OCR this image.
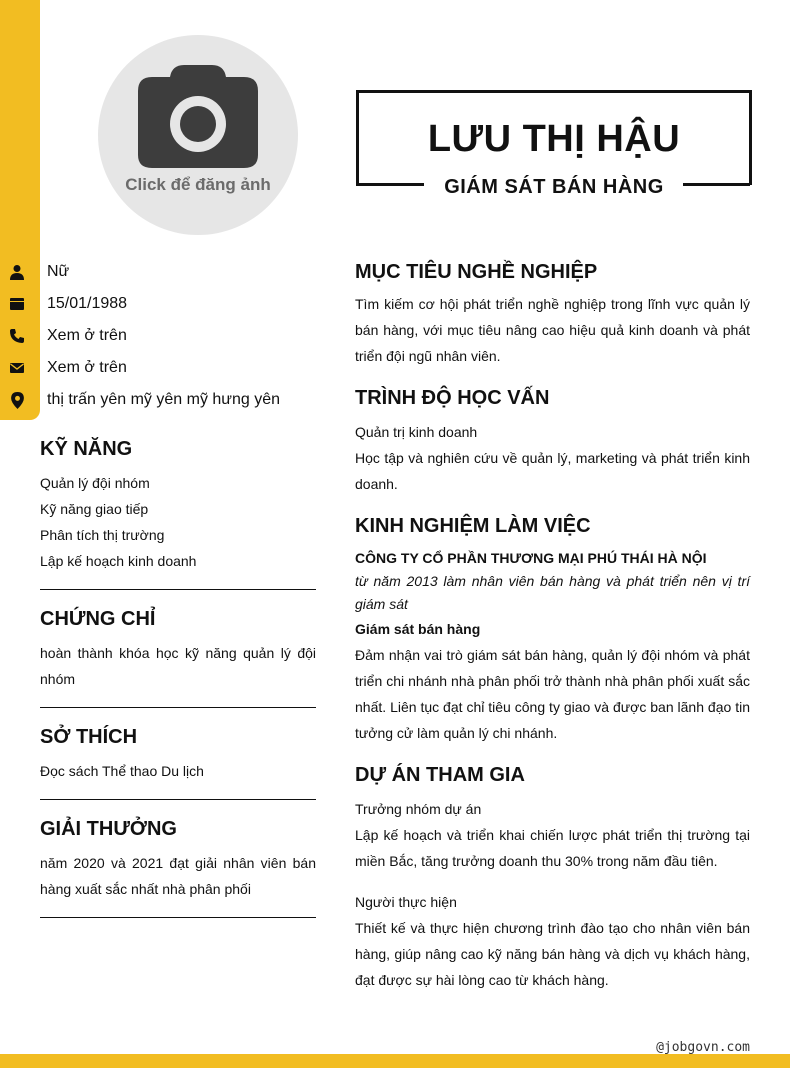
Click để đăng ảnh
LƯU THỊ HẬU
GIÁM SÁT BÁN HÀNG
Nữ
15/01/1988
Xem ở trên
Xem ở trên
thị trấn yên mỹ yên mỹ hưng yên
KỸ NĂNG
Quản lý đội nhóm
Kỹ năng giao tiếp
Phân tích thị trường
Lập kế hoạch kinh doanh
CHỨNG CHỈ
hoàn thành khóa học kỹ năng quản lý đội nhóm
SỞ THÍCH
Đọc sách Thể thao Du lịch
GIẢI THƯỞNG
năm 2020 và 2021 đạt giải nhân viên bán hàng xuất sắc nhất nhà phân phối
MỤC TIÊU NGHỀ NGHIỆP
Tìm kiếm cơ hội phát triển nghề nghiệp trong lĩnh vực quản lý bán hàng, với mục tiêu nâng cao hiệu quả kinh doanh và phát triển đội ngũ nhân viên.
TRÌNH ĐỘ HỌC VẤN
Quản trị kinh doanh
Học tập và nghiên cứu về quản lý, marketing và phát triển kinh doanh.
KINH NGHIỆM LÀM VIỆC
CÔNG TY CỔ PHẦN THƯƠNG MẠI PHÚ THÁI HÀ NỘI
từ năm 2013 làm nhân viên bán hàng và phát triển nên vị trí giám sát
Giám sát bán hàng
Đảm nhận vai trò giám sát bán hàng, quản lý đội nhóm và phát triển chi nhánh nhà phân phối trở thành nhà phân phối xuất sắc nhất. Liên tục đạt chỉ tiêu công ty giao và được ban lãnh đạo tin tưởng cử làm quản lý chi nhánh.
DỰ ÁN THAM GIA
Trưởng nhóm dự án
Lập kế hoạch và triển khai chiến lược phát triển thị trường tại miền Bắc, tăng trưởng doanh thu 30% trong năm đầu tiên.
Người thực hiện
Thiết kế và thực hiện chương trình đào tạo cho nhân viên bán hàng, giúp nâng cao kỹ năng bán hàng và dịch vụ khách hàng, đạt được sự hài lòng cao từ khách hàng.
@jobgovn.com
